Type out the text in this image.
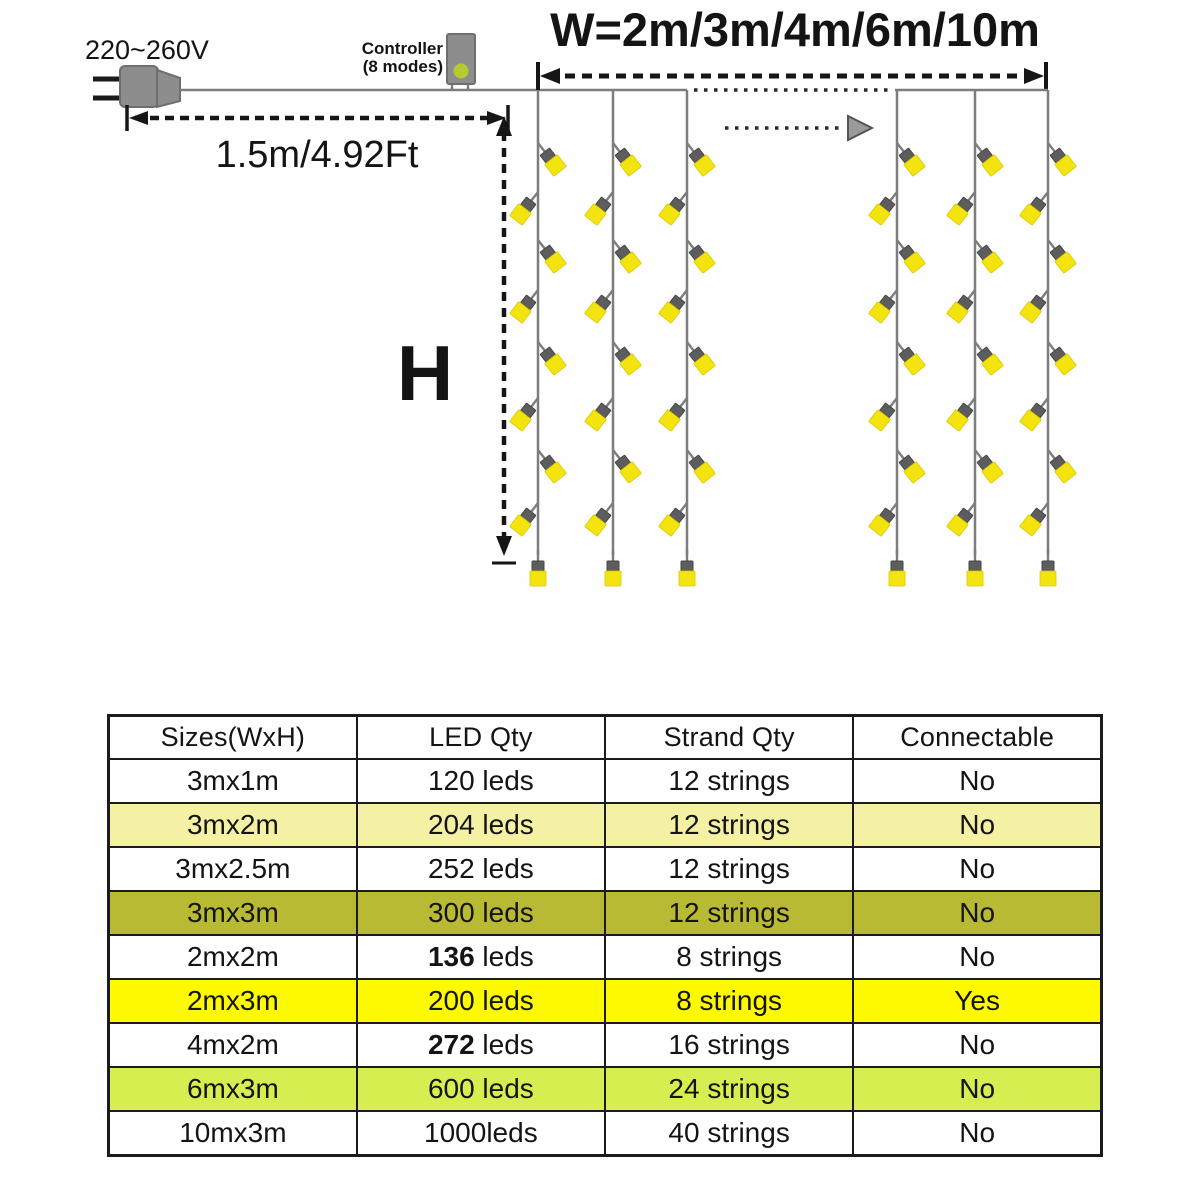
220~260V	Controller
(8 modes)
W=2m/3m/4m/6m/10m
1.5m/4.92Ft
H
Sizes(WxH)	LED Qty	Strand Qty	Connectable
3mx1m	120 leds	12 strings	No
3mx2m	204 leds	12 strings	No
3mx2.5m	252 leds	12 strings	No
3mx3m	300 leds	12 strings	No
2mx2m	136 leds	8 strings	No
2mx3m	200 leds	8 strings	Yes
4mx2m	272 leds	16 strings	No
6mx3m	600 leds	24 strings	No
10mx3m	1000leds	40 strings	No
